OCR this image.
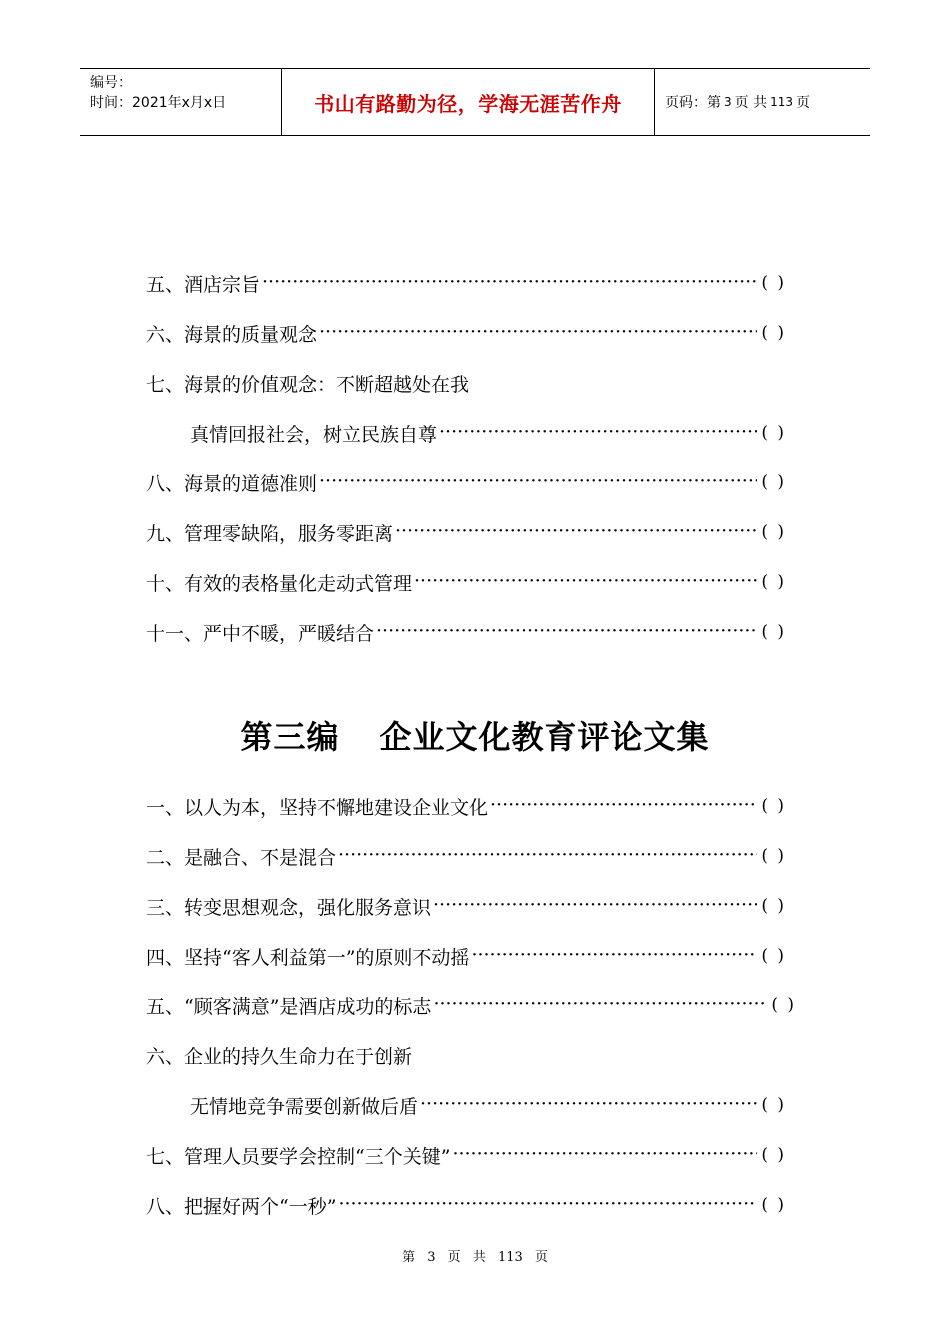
编号：
时间：2021年x月x日	书山有路勤为径，学海无涯苦作舟	页码：第 3 页 共 113 页
五、酒店宗旨 ·····	( )
六、海景的质量观念 ·····	( )
七、海景的价值观念：不断超越处在我
真情回报社会，树立民族自尊 ·····	( )
八、海景的道德准则 ·····	( )
九、管理零缺陷，服务零距离 ·····	( )
十、有效的表格量化走动式管理 ·····	( )
十一、严中不暖，严暖结合 ·····	( )
第三编 企业文化教育评论文集
一、以人为本，坚持不懈地建设企业文化 ·····	( )
二、是融合、不是混合 ·····	( )
三、转变思想观念，强化服务意识 ·····	( )
四、坚持“客人利益第一”的原则不动摇 ·····	( )
五、“顾客满意”是酒店成功的标志 ·····	( )
六、企业的持久生命力在于创新
无情地竞争需要创新做后盾 ·····	( )
七、管理人员要学会控制“三个关键” ·····	( )
八、把握好两个“一秒” ·····	( )
第 3 页 共 113 页
